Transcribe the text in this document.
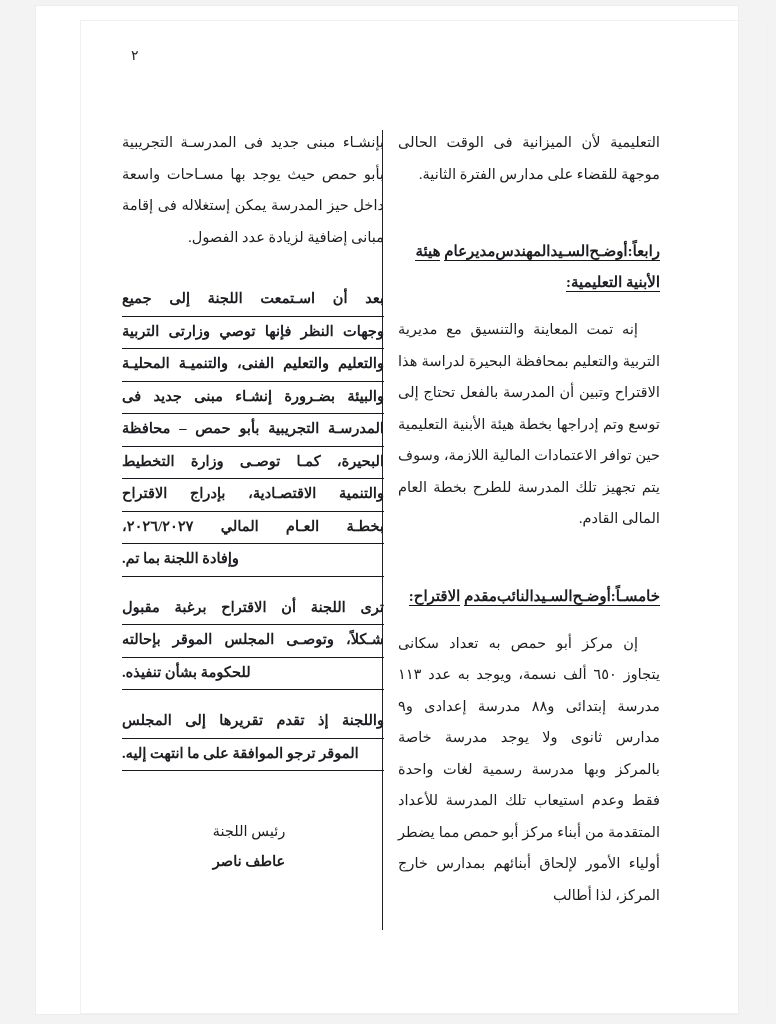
٢

التعليمية لأن الميزانية فى الوقت الحالى موجهة للقضاء على مدارس الفترة الثانية.

رابعاً:أوضـحالسـيدالمهندسمديرعام هيئة الأبنية التعليمية:

إنه تمت المعاينة والتنسيق مع مديرية التربية والتعليم بمحافظة البحيرة لدراسة هذا الاقتراح وتبين أن المدرسة بالفعل تحتاج إلى توسع وتم إدراجها بخطة هيئة الأبنية التعليمية حين توافر الاعتمادات المالية اللازمة، وسوف يتم تجهيز تلك المدرسة للطرح بخطة العام المالى القادم.

خامسـاً:أوضـحالسـيدالنائبمقدم الاقتراح:

إن مركز أبو حمص به تعداد سكانى يتجاوز ٦٥٠ ألف نسمة، ويوجد به عدد ١١٣ مدرسة إبتدائى و٨٨ مدرسة إعدادى و٩ مدارس ثانوى ولا يوجد مدرسة خاصة بالمركز وبها مدرسة رسمية لغات واحدة فقط وعدم استيعاب تلك المدرسة للأعداد المتقدمة من أبناء مركز أبو حمص مما يضطر أولياء الأمور لإلحاق أبنائهم بمدارس خارج المركز، لذا أطالب

بإنشـاء مبنى جديد فى المدرسـة التجريبية بأبو حمص حيث يوجد بها مسـاحات واسعة داخل حيز المدرسة يمكن إستغلاله فى إقامة مبانى إضافية لزيادة عدد الفصول.

بعد
أن
اسـتمعت
اللجنة
إلى
جميع
وجهات
النظر
فإنها
توصي
وزارتى
التربية
والتعليم
والتعليم
الفنى،
والتنميـة
المحليـة
والبيئة
بضـرورة
إنشـاء
مبنى
جديد
فى
المدرسـة
التجريبية
بأبو
حمص
–
محافظة
البحيرة،
كمـا
توصـى
وزارة
التخطيط
والتنمية
الاقتصـادية،
بإدراج
الاقتراح
بخطـة
العـام
المالي
٢٠٢٦/٢٠٢٧،
وإفادة اللجنة بما تم.
ترى
اللجنة
أن
الاقتراح
برغبة
مقبول
شـكلاً،
وتوصـى
المجلس
الموقر
بإحالته
للحكومة بشأن تنفيذه.
واللجنة
إذ
تقدم
تقريرها
إلى
المجلس
الموقر ترجو الموافقة على ما انتهت إليه.
رئيس اللجنة
عاطف ناصر
